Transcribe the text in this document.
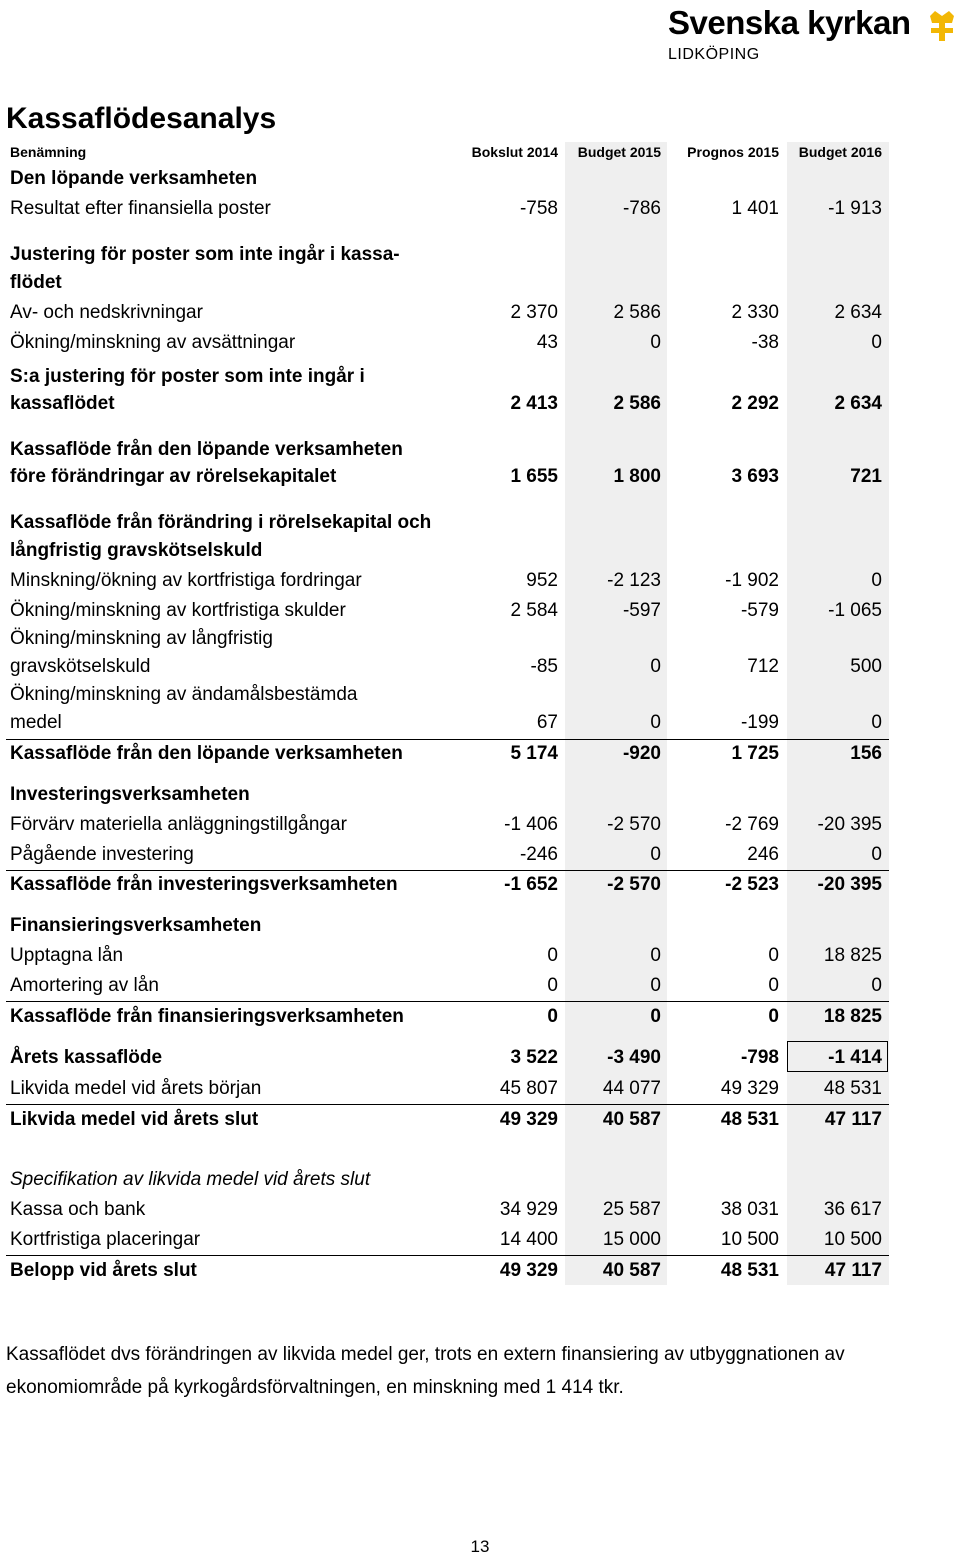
Svenska kyrkan
LIDKÖPING
Kassaflödesanalys
Benämning	Bokslut 2014	Budget 2015	Prognos 2015	Budget 2016
Den löpande verksamheten
Resultat efter finansiella poster	-758	-786	1 401	-1 913
Justering för poster som inte ingår i kassa-
flödet
Av- och nedskrivningar	2 370	2 586	2 330	2 634
Ökning/minskning av avsättningar	43	0	-38	0
S:a justering för poster som inte ingår i
kassaflödet	2 413	2 586	2 292	2 634
Kassaflöde från den löpande verksamheten
före förändringar av rörelsekapitalet	1 655	1 800	3 693	721
Kassaflöde från förändring i rörelsekapital och
långfristig gravskötselskuld
Minskning/ökning av kortfristiga fordringar	952	-2 123	-1 902	0
Ökning/minskning av kortfristiga skulder	2 584	-597	-579	-1 065
Ökning/minskning av långfristig
gravskötselskuld	-85	0	712	500
Ökning/minskning av ändamålsbestämda
medel	67	0	-199	0
Kassaflöde från den löpande verksamheten	5 174	-920	1 725	156
Investeringsverksamheten
Förvärv materiella anläggningstillgångar	-1 406	-2 570	-2 769	-20 395
Pågående investering	-246	0	246	0
Kassaflöde från investeringsverksamheten	-1 652	-2 570	-2 523	-20 395
Finansieringsverksamheten
Upptagna lån	0	0	0	18 825
Amortering av lån	0	0	0	0
Kassaflöde från finansieringsverksamheten	0	0	0	18 825
Årets kassaflöde	3 522	-3 490	-798	-1 414
Likvida medel vid årets början	45 807	44 077	49 329	48 531
Likvida medel vid årets slut	49 329	40 587	48 531	47 117
Specifikation av likvida medel vid årets slut
Kassa och bank	34 929	25 587	38 031	36 617
Kortfristiga placeringar	14 400	15 000	10 500	10 500
Belopp vid årets slut	49 329	40 587	48 531	47 117
Kassaflödet dvs förändringen av likvida medel ger, trots en extern finansiering av utbyggnationen av ekonomiområde på kyrkogårdsförvaltningen, en minskning med 1 414 tkr.
13
